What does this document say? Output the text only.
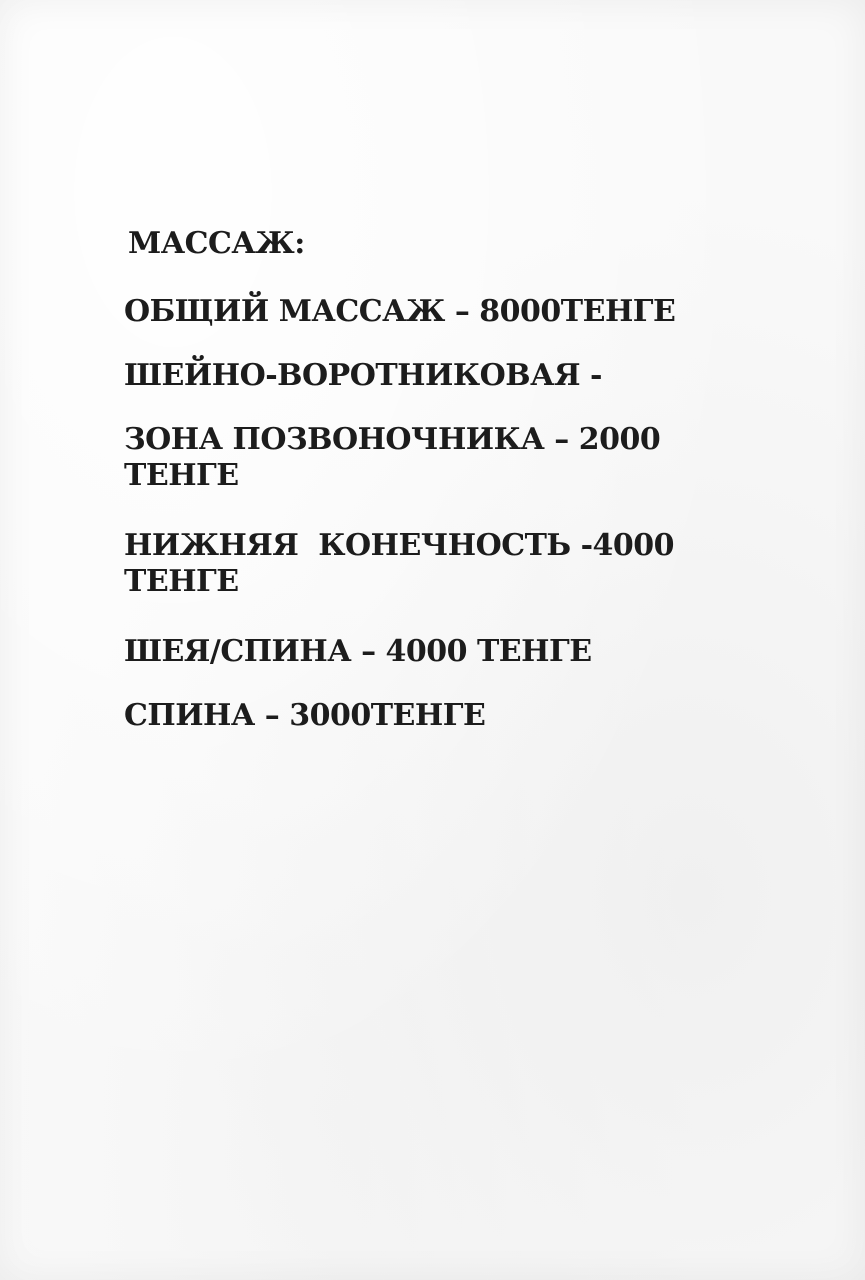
МАССАЖ:
ОБЩИЙ МАССАЖ – 8000ТЕНГЕ
ШЕЙНО-ВОРОТНИКОВАЯ -
ЗОНА ПОЗВОНОЧНИКА – 2000
ТЕНГЕ
НИЖНЯЯ  КОНЕЧНОСТЬ -4000
ТЕНГЕ
ШЕЯ/СПИНА – 4000 ТЕНГЕ
СПИНА – 3000ТЕНГЕ
